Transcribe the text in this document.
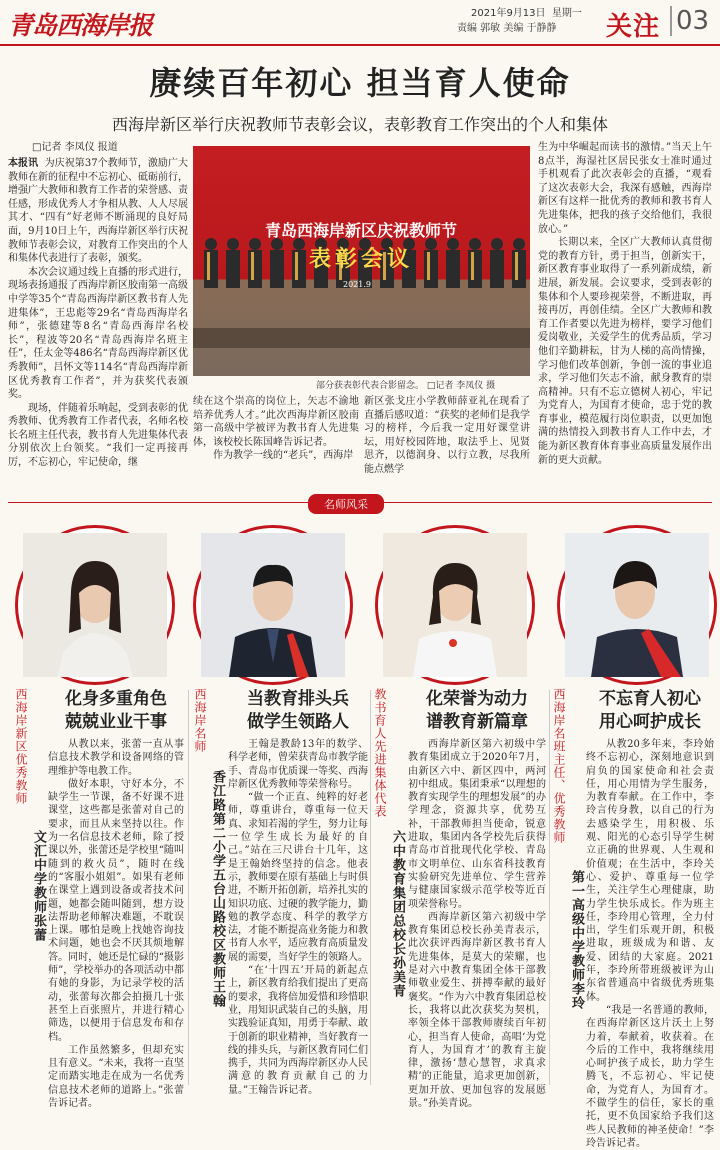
青岛西海岸报	2021年9月13日 星期一
责编 郭敏 美编 于静静	关注 03
赓续百年初心 担当育人使命
西海岸新区举行庆祝教师节表彰会议，表彰教育工作突出的个人和集体
□记者 李凤仪 报道

本报讯 为庆祝第37个教师节，激励广大教师在新的征程中不忘初心、砥砺前行，增强广大教师和教育工作者的荣誉感、责任感，形成优秀人才争相从教、人人尽展其才、“四有”好老师不断涌现的良好局面，9月10日上午，西海岸新区举行庆祝教师节表彰会议，对教育工作突出的个人和集体代表进行了表彰，颁奖。

本次会议通过线上直播的形式进行，现场表扬通报了西海岸新区胶南第一高级中学等35个“青岛西海岸新区教书育人先进集体”，王忠彪等29名“青岛西海岸名师”，张德建等8名“青岛西海岸名校长”，程波等20名“青岛西海岸名班主任”，任太金等486名“青岛西海岸新区优秀教师”，吕怀文等114名“青岛西海岸新区优秀教育工作者”，并为获奖代表颁奖。

现场，伴随着乐响起，受到表彰的优秀教师、优秀教育工作者代表，名师名校长名班主任代表，教书育人先进集体代表分别依次上台领奖。“我们一定再接再厉，不忘初心，牢记使命，继

青岛西海岸新区庆祝教师节
表彰会议
2021.9
部分获表彰代表合影留念。 □记者 李凤仪 摄

续在这个崇高的岗位上，矢志不渝地培养优秀人才。”此次西海岸新区胶南第一高级中学被评为教书育人先进集体，该校校长陈国峰告诉记者。

作为教学一线的“老兵”，西海岸

新区张戈庄小学教师薛亚礼在现看了直播后感叹道：“获奖的老师们是我学习的榜样，今后我一定用好课堂讲坛，用好校园阵地，取法乎上、见贤思齐，以德润身、以行立教，尽我所能点燃学

生为中华崛起而读书的激情。”当天上午8点半，海湿社区居民张女士准时通过手机观看了此次表彰会的直播，“观看了这次表彰大会，我深有感触，西海岸新区有这样一批优秀的教师和教书育人先进集体，把我的孩子交给他们，我很放心。”

长期以来，全区广大教师认真贯彻党的教育方针，勇于担当，创新实干，新区教育事业取得了一系列新成绩，新进展，新发展。会议要求，受到表彰的集体和个人要珍视荣誉，不断进取，再接再厉，再创佳绩。全区广大教师和教育工作者要以先进为榜样，要学习他们爱岗敬业，关爱学生的优秀品质，学习他们辛勤耕耘，甘为人梯的高尚情操，学习他们改革创新，争创一流的事业追求，学习他们矢志不渝，献身教育的崇高精神。只有不忘立德树人初心，牢记为党育人，为国育才使命，忠于党的教育事业，模范履行岗位职责，以更加饱满的热情投入到教书育人工作中去，才能为新区教育体育事业高质量发展作出新的更大贡献。

名师风采
西海岸新区优秀教师
文汇中学教师张蕾
化身多重角色
兢兢业业干事

从教以来，张蕾一直从事信息技术教学和设备网络的管理维护等电教工作。

做好本职，守好本分，不缺学生一节课，备不好课不进课堂，这些都是张蕾对自己的要求，而且从来坚持以往。作为一名信息技术老师，除了授课以外，张蕾还是学校里“随叫随到的救火员”，随时在线的“客服小姐姐”。如果有老师在课堂上遇到设备或者技术问题，她都会随叫随到，想方设法帮助老师解决难题，不耽误上课。哪怕是晚上找她咨询技术问题，她也会不厌其烦地解答。同时，她还是忙碌的“摄影师”，学校举办的各项活动中都有她的身影，为记录学校的活动，张蕾每次都会拍摄几十张甚至上百张照片，并进行精心筛选，以便用于信息发布和存档。

工作虽然繁多，但却充实且有意义。“未来，我将一直坚定而踏实地走在成为一名优秀信息技术老师的道路上。”张蕾告诉记者。

西海岸名师
香江路第二小学五台山路校区教师王翰
当教育排头兵
做学生领路人

王翰是教龄13年的数学、科学老师，曾荣获青岛市教学能手、青岛市优质课一等奖、西海岸新区优秀教师等荣誉称号。

“做一个正直、纯粹的好老师，尊重讲台，尊重每一位天真、求知若渴的学生，努力让每一位学生成长为最好的自己。”站在三尺讲台十几年，这是王翰始终坚持的信念。他表示，教师要在原有基础上与时俱进，不断开拓创新，培养扎实的知识功底、过硬的教学能力，勤勉的教学态度、科学的教学方法，才能不断提高业务能力和教书育人水平，适应教育高质量发展的需要，当好学生的领路人。

“在‘十四五’开局的新起点上，新区教育给我们提出了更高的要求，我将倍加爱惜和珍惜职业，用知识武装自己的头脑，用实践验证真知，用勇于奉献、敢于创新的职业精神，当好教育一线的排头兵，与新区教育同仁们携手，共同为西海岸新区办人民满意的教育贡献自己的力量。”王翰告诉记者。

教书育人先进集体代表
六中教育集团总校长孙美青
化荣誉为动力
谱教育新篇章

西海岸新区第六初级中学教育集团成立于2020年7月，由新区六中、新区四中，两河初中组成。集团秉承“以理想的教育实现学生的理想发展”的办学理念，资源共享，优势互补，干部教师担当使命，锐意进取，集团内各学校先后获得青岛市首批现代化学校、青岛市文明单位、山东省科技教育实验研究先进单位、学生营养与健康国家级示范学校等近百项荣誉称号。

西海岸新区第六初级中学教育集团总校长孙美青表示，此次获评西海岸新区教书育人先进集体，是莫大的荣耀，也是对六中教育集团全体干部教师敬业爱生、拼搏奉献的最好褒奖。“作为六中教育集团总校长，我将以此次获奖为契机，率领全体干部教师赓续百年初心，担当育人使命，高唱‘为党育人，为国育才’的教育主旋律，激扬‘慧心慧智，求真求精’的正能量，追求更加创新，更加开放、更加包容的发展愿景。”孙美青说。

西海岸名班主任、优秀教师
第一高级中学教师李玲
不忘育人初心
用心呵护成长

从教20多年来，李玲始终不忘初心，深刻地意识到肩负的国家使命和社会责任，用心用情为学生服务，为教育奉献。在工作中，李玲言传身教，以自己的行为去感染学生，用积极、乐观、阳光的心态引导学生树立正确的世界观、人生观和价值观；在生活中，李玲关心、爱护、尊重每一位学生，关注学生心理健康，助力学生快乐成长。作为班主任，李玲用心管理，全力付出，学生们乐观开朗，积极进取，班级成为和谐、友爱、团结的大家庭。2021年，李玲所带班级被评为山东省普通高中省级优秀班集体。

“我是一名普通的教师，在西海岸新区这片沃土上努力着，奉献着，收获着。在今后的工作中，我将继续用心呵护孩子成长，助力学生腾飞，不忘初心、牢记使命，为党育人，为国育才。不做学生的信任，家长的重托，更不负国家给予我们这些人民教师的神圣使命！”李玲告诉记者。
